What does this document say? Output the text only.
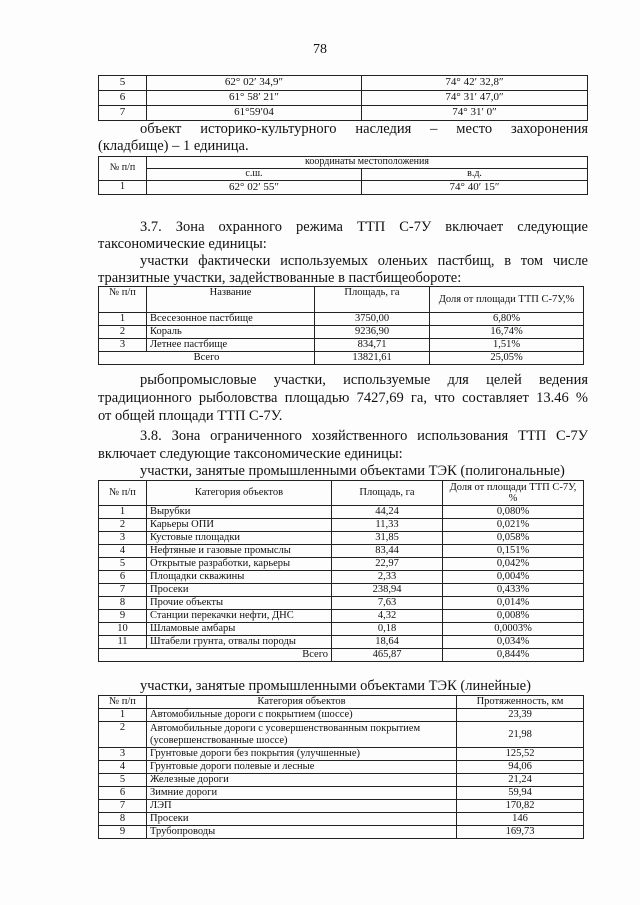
78
5	62° 02′ 34,9″	74° 42′ 32,8″
6	61° 58′ 21″	74° 31′ 47,0″
7	61°59′04	74° 31′ 0″
объект историко-культурного наследия – место захоронения
(кладбище) – 1 единица.
№ п/п	координаты местоположения	
	с.ш.	в.д.
1	62° 02′ 55″	74° 40′ 15″
3.7. Зона охранного режима ТТП С-7У включает следующие
таксономические единицы:
участки фактически используемых оленьих пастбищ, в том числе
транзитные участки, задействованные в пастбищеобороте:
№ п/п	Название	Площадь, га	Доля от площади ТТП С-7У,%
1	Всесезонное пастбище	3750,00	6,80%
2	Кораль	9236,90	16,74%
3	Летнее пастбище	834,71	1,51%
Всего		13821,61	25,05%
рыбопромысловые участки, используемые для целей ведения
традиционного рыболовства площадью 7427,69 га, что составляет 13.46 %
от общей площади ТТП С-7У.
3.8. Зона ограниченного хозяйственного использования ТТП С-7У
включает следующие таксономические единицы:
участки, занятые промышленными объектами ТЭК (полигональные)
№ п/п	Категория объектов	Площадь, га	Доля от площади ТТП С-7У, %
1	Вырубки	44,24	0,080%
2	Карьеры ОПИ	11,33	0,021%
3	Кустовые площадки	31,85	0,058%
4	Нефтяные и газовые промыслы	83,44	0,151%
5	Открытые разработки, карьеры	22,97	0,042%
6	Площадки скважины	2,33	0,004%
7	Просеки	238,94	0,433%
8	Прочие объекты	7,63	0,014%
9	Станции перекачки нефти, ДНС	4,32	0,008%
10	Шламовые амбары	0,18	0,0003%
11	Штабели грунта, отвалы породы	18,64	0,034%
Всего		465,87	0,844%
участки, занятые промышленными объектами ТЭК (линейные)
№ п/п	Категория объектов	Протяженность, км
1	Автомобильные дороги с покрытием (шоссе)	23,39
2	Автомобильные дороги с усовершенствованным покрытием (усовершенствованные шоссе)	21,98
3	Грунтовые дороги без покрытия (улучшенные)	125,52
4	Грунтовые дороги полевые и лесные	94,06
5	Железные дороги	21,24
6	Зимние дороги	59,94
7	ЛЭП	170,82
8	Просеки	146
9	Трубопроводы	169,73
